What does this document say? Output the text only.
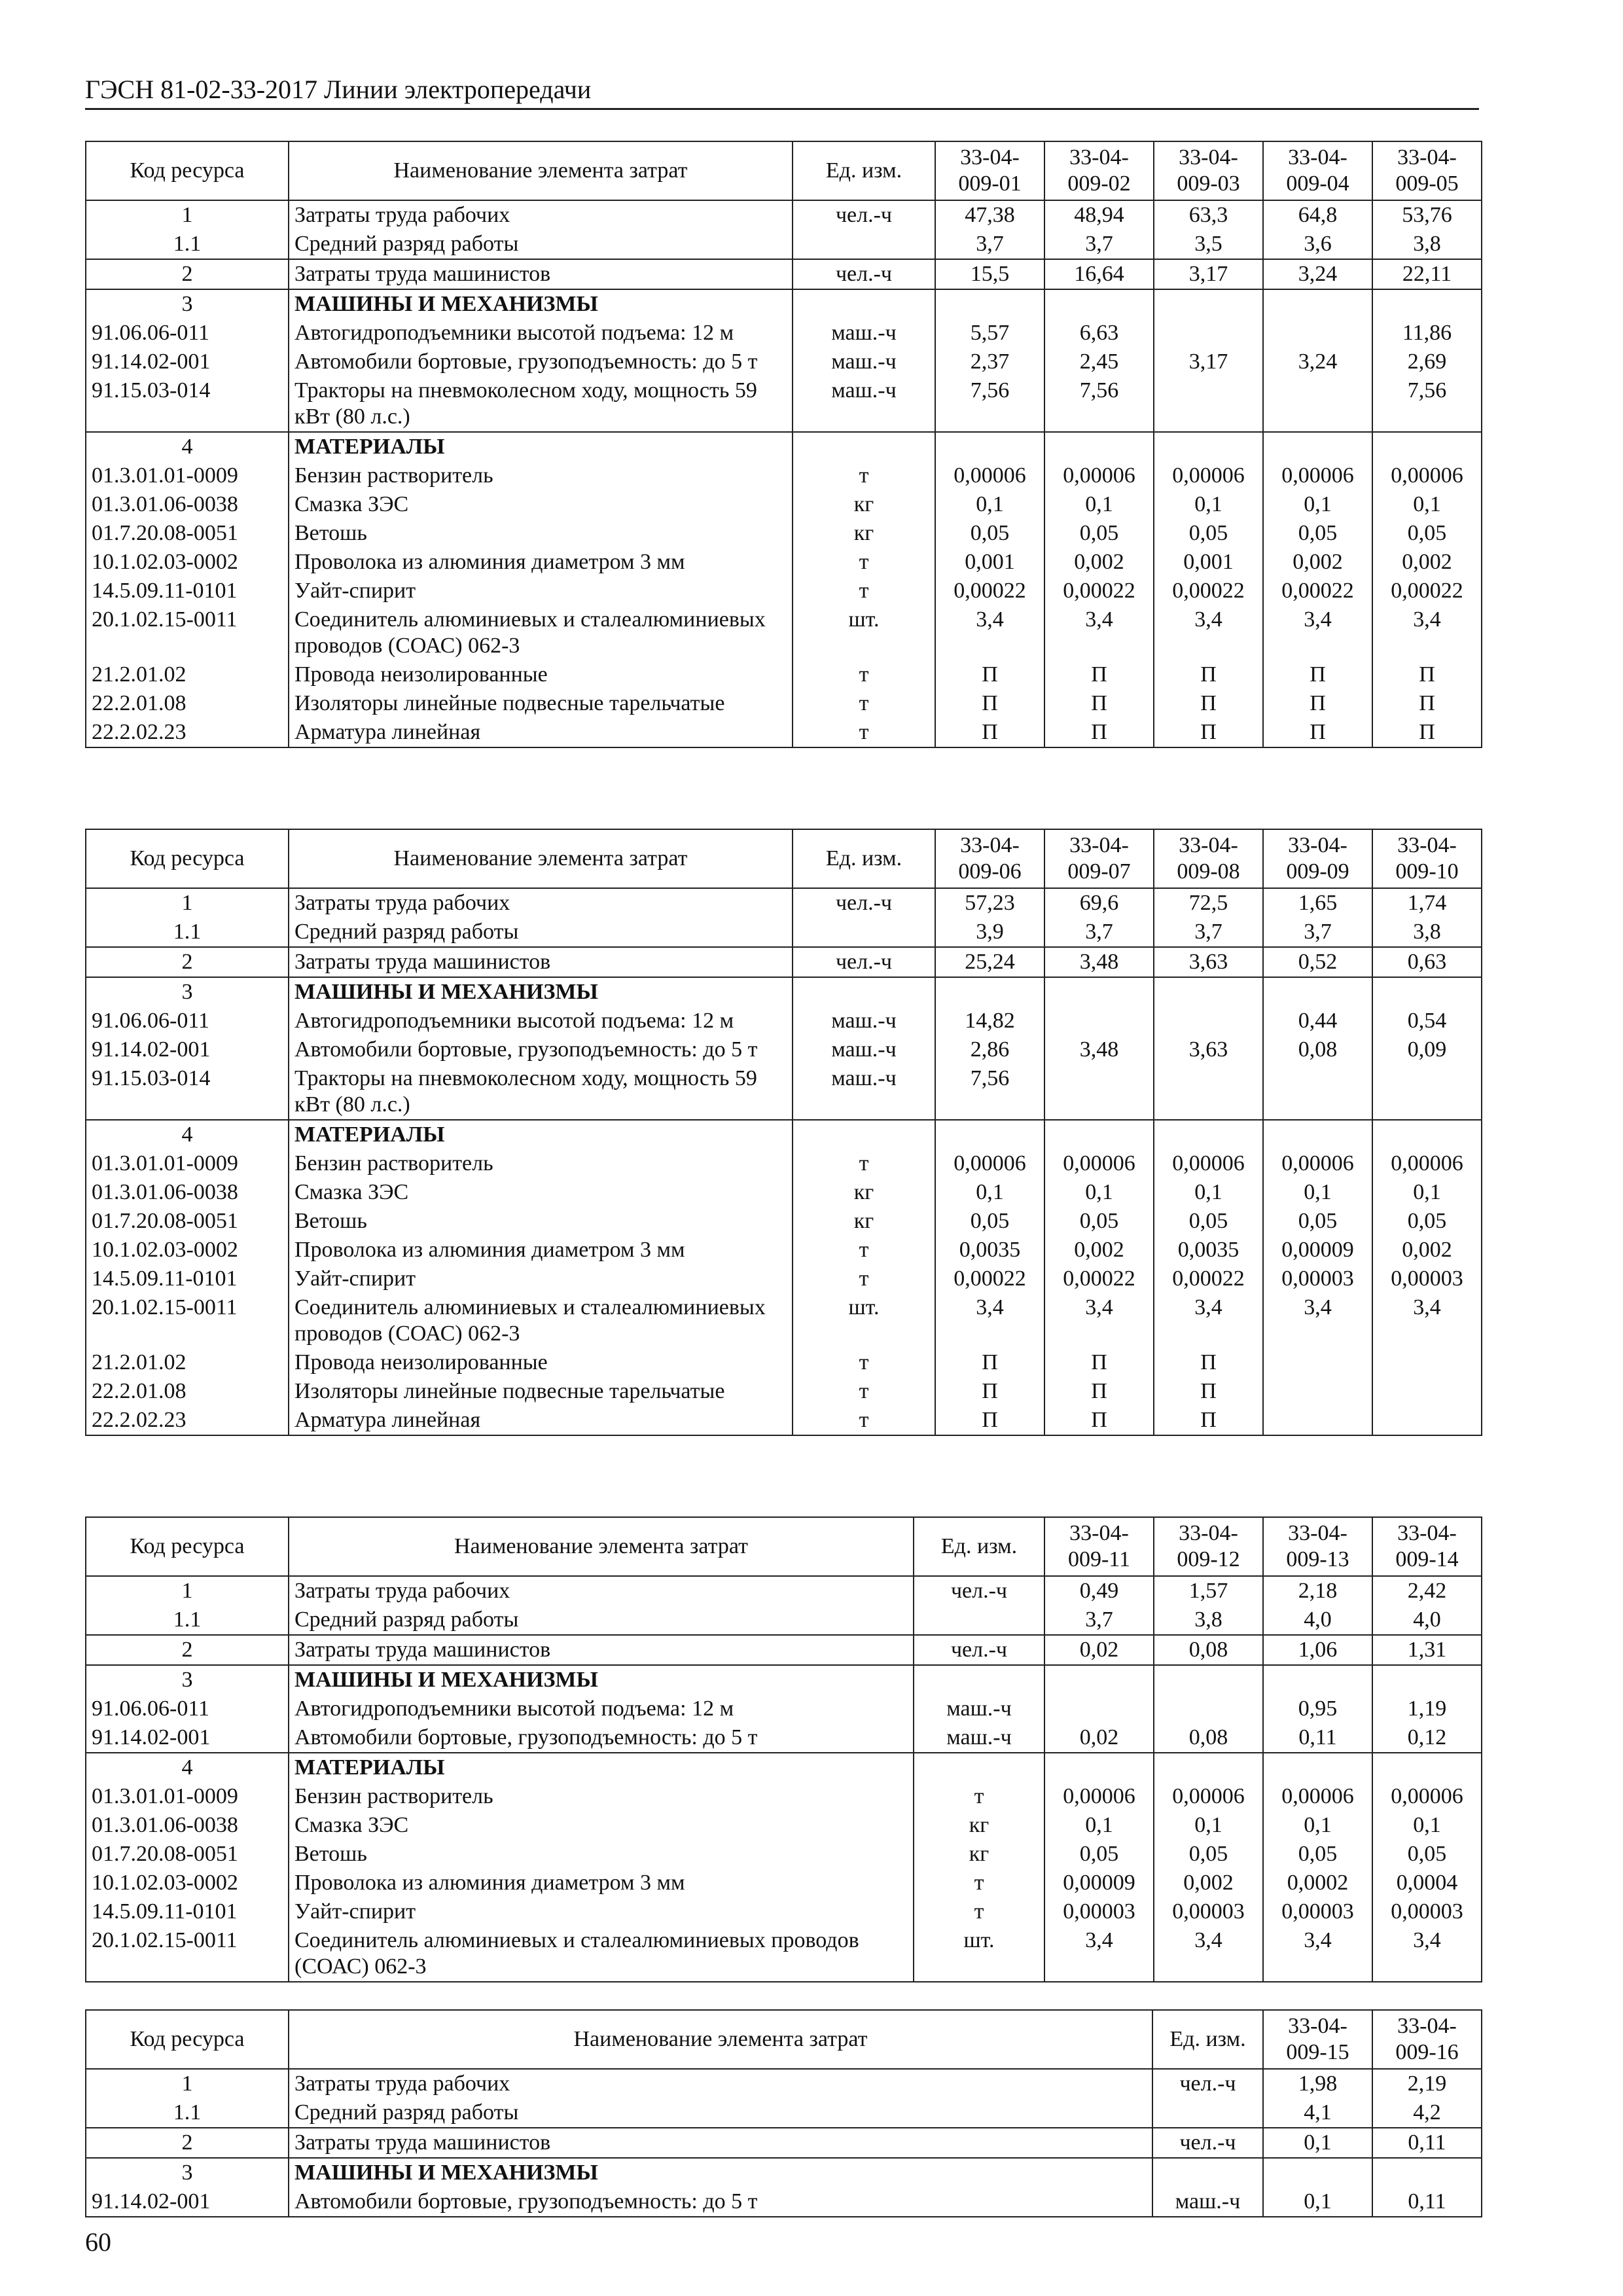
ГЭСН 81-02-33-2017 Линии электропередачи
Код ресурса	Наименование элемента затрат	Ед. изм.	33-04-009-01	33-04-009-02	33-04-009-03	33-04-009-04	33-04-009-05
1	Затраты труда рабочих	чел.-ч	47,38	48,94	63,3	64,8	53,76
1.1	Средний разряд работы		3,7	3,7	3,5	3,6	3,8
2	Затраты труда машинистов	чел.-ч	15,5	16,64	3,17	3,24	22,11
3	МАШИНЫ И МЕХАНИЗМЫ						
91.06.06-011	Автогидроподъемники высотой подъема: 12 м	маш.-ч	5,57	6,63			11,86
91.14.02-001	Автомобили бортовые, грузоподъемность: до 5 т	маш.-ч	2,37	2,45	3,17	3,24	2,69
91.15.03-014	Тракторы на пневмоколесном ходу, мощность 59 кВт (80 л.с.)	маш.-ч	7,56	7,56			7,56
4	МАТЕРИАЛЫ						
01.3.01.01-0009	Бензин растворитель	т	0,00006	0,00006	0,00006	0,00006	0,00006
01.3.01.06-0038	Смазка ЗЭС	кг	0,1	0,1	0,1	0,1	0,1
01.7.20.08-0051	Ветошь	кг	0,05	0,05	0,05	0,05	0,05
10.1.02.03-0002	Проволока из алюминия диаметром 3 мм	т	0,001	0,002	0,001	0,002	0,002
14.5.09.11-0101	Уайт-спирит	т	0,00022	0,00022	0,00022	0,00022	0,00022
20.1.02.15-0011	Соединитель алюминиевых и сталеалюминиевых проводов (СОАС) 062-3	шт.	3,4	3,4	3,4	3,4	3,4
21.2.01.02	Провода неизолированные	т	П	П	П	П	П
22.2.01.08	Изоляторы линейные подвесные тарельчатые	т	П	П	П	П	П
22.2.02.23	Арматура линейная	т	П	П	П	П	П
Код ресурса	Наименование элемента затрат	Ед. изм.	33-04-009-06	33-04-009-07	33-04-009-08	33-04-009-09	33-04-009-10
1	Затраты труда рабочих	чел.-ч	57,23	69,6	72,5	1,65	1,74
1.1	Средний разряд работы		3,9	3,7	3,7	3,7	3,8
2	Затраты труда машинистов	чел.-ч	25,24	3,48	3,63	0,52	0,63
3	МАШИНЫ И МЕХАНИЗМЫ						
91.06.06-011	Автогидроподъемники высотой подъема: 12 м	маш.-ч	14,82			0,44	0,54
91.14.02-001	Автомобили бортовые, грузоподъемность: до 5 т	маш.-ч	2,86	3,48	3,63	0,08	0,09
91.15.03-014	Тракторы на пневмоколесном ходу, мощность 59 кВт (80 л.с.)	маш.-ч	7,56				
4	МАТЕРИАЛЫ						
01.3.01.01-0009	Бензин растворитель	т	0,00006	0,00006	0,00006	0,00006	0,00006
01.3.01.06-0038	Смазка ЗЭС	кг	0,1	0,1	0,1	0,1	0,1
01.7.20.08-0051	Ветошь	кг	0,05	0,05	0,05	0,05	0,05
10.1.02.03-0002	Проволока из алюминия диаметром 3 мм	т	0,0035	0,002	0,0035	0,00009	0,002
14.5.09.11-0101	Уайт-спирит	т	0,00022	0,00022	0,00022	0,00003	0,00003
20.1.02.15-0011	Соединитель алюминиевых и сталеалюминиевых проводов (СОАС) 062-3	шт.	3,4	3,4	3,4	3,4	3,4
21.2.01.02	Провода неизолированные	т	П	П	П		
22.2.01.08	Изоляторы линейные подвесные тарельчатые	т	П	П	П		
22.2.02.23	Арматура линейная	т	П	П	П		
Код ресурса	Наименование элемента затрат	Ед. изм.	33-04-009-11	33-04-009-12	33-04-009-13	33-04-009-14
1	Затраты труда рабочих	чел.-ч	0,49	1,57	2,18	2,42
1.1	Средний разряд работы		3,7	3,8	4,0	4,0
2	Затраты труда машинистов	чел.-ч	0,02	0,08	1,06	1,31
3	МАШИНЫ И МЕХАНИЗМЫ					
91.06.06-011	Автогидроподъемники высотой подъема: 12 м	маш.-ч			0,95	1,19
91.14.02-001	Автомобили бортовые, грузоподъемность: до 5 т	маш.-ч	0,02	0,08	0,11	0,12
4	МАТЕРИАЛЫ					
01.3.01.01-0009	Бензин растворитель	т	0,00006	0,00006	0,00006	0,00006
01.3.01.06-0038	Смазка ЗЭС	кг	0,1	0,1	0,1	0,1
01.7.20.08-0051	Ветошь	кг	0,05	0,05	0,05	0,05
10.1.02.03-0002	Проволока из алюминия диаметром 3 мм	т	0,00009	0,002	0,0002	0,0004
14.5.09.11-0101	Уайт-спирит	т	0,00003	0,00003	0,00003	0,00003
20.1.02.15-0011	Соединитель алюминиевых и сталеалюминиевых проводов (СОАС) 062-3	шт.	3,4	3,4	3,4	3,4
Код ресурса	Наименование элемента затрат	Ед. изм.	33-04-009-15	33-04-009-16
1	Затраты труда рабочих	чел.-ч	1,98	2,19
1.1	Средний разряд работы		4,1	4,2
2	Затраты труда машинистов	чел.-ч	0,1	0,11
3	МАШИНЫ И МЕХАНИЗМЫ			
91.14.02-001	Автомобили бортовые, грузоподъемность: до 5 т	маш.-ч	0,1	0,11
60
